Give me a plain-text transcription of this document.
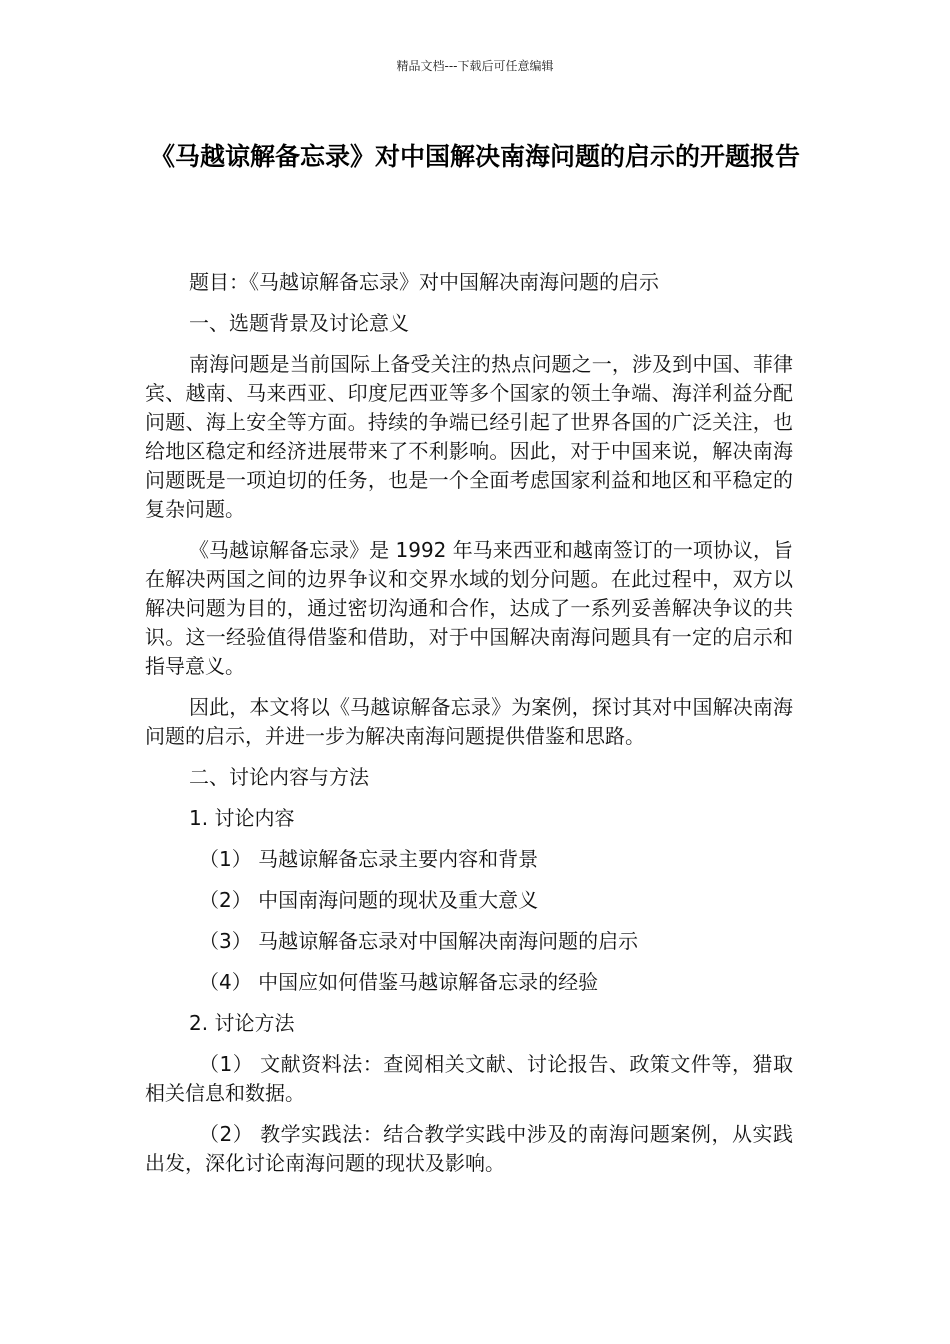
精品文档---下载后可任意编辑
《马越谅解备忘录》对中国解决南海问题的启示的开题报告
题目：《马越谅解备忘录》对中国解决南海问题的启示
一、选题背景及讨论意义

南海问题是当前国际上备受关注的热点问题之一，涉及到中国、菲律宾、越南、马来西亚、印度尼西亚等多个国家的领土争端、海洋利益分配问题、海上安全等方面。持续的争端已经引起了世界各国的广泛关注，也给地区稳定和经济进展带来了不利影响。因此，对于中国来说，解决南海问题既是一项迫切的任务，也是一个全面考虑国家利益和地区和平稳定的复杂问题。

《马越谅解备忘录》是 1992 年马来西亚和越南签订的一项协议，旨在解决两国之间的边界争议和交界水域的划分问题。在此过程中，双方以解决问题为目的，通过密切沟通和合作，达成了一系列妥善解决争议的共识。这一经验值得借鉴和借助，对于中国解决南海问题具有一定的启示和指导意义。

因此，本文将以《马越谅解备忘录》为案例，探讨其对中国解决南海问题的启示，并进一步为解决南海问题提供借鉴和思路。

二、讨论内容与方法
1. 讨论内容
（1） 马越谅解备忘录主要内容和背景
（2） 中国南海问题的现状及重大意义
（3） 马越谅解备忘录对中国解决南海问题的启示
（4） 中国应如何借鉴马越谅解备忘录的经验
2. 讨论方法

（1） 文献资料法：查阅相关文献、讨论报告、政策文件等，猎取相关信息和数据。

（2） 教学实践法：结合教学实践中涉及的南海问题案例，从实践出发，深化讨论南海问题的现状及影响。
